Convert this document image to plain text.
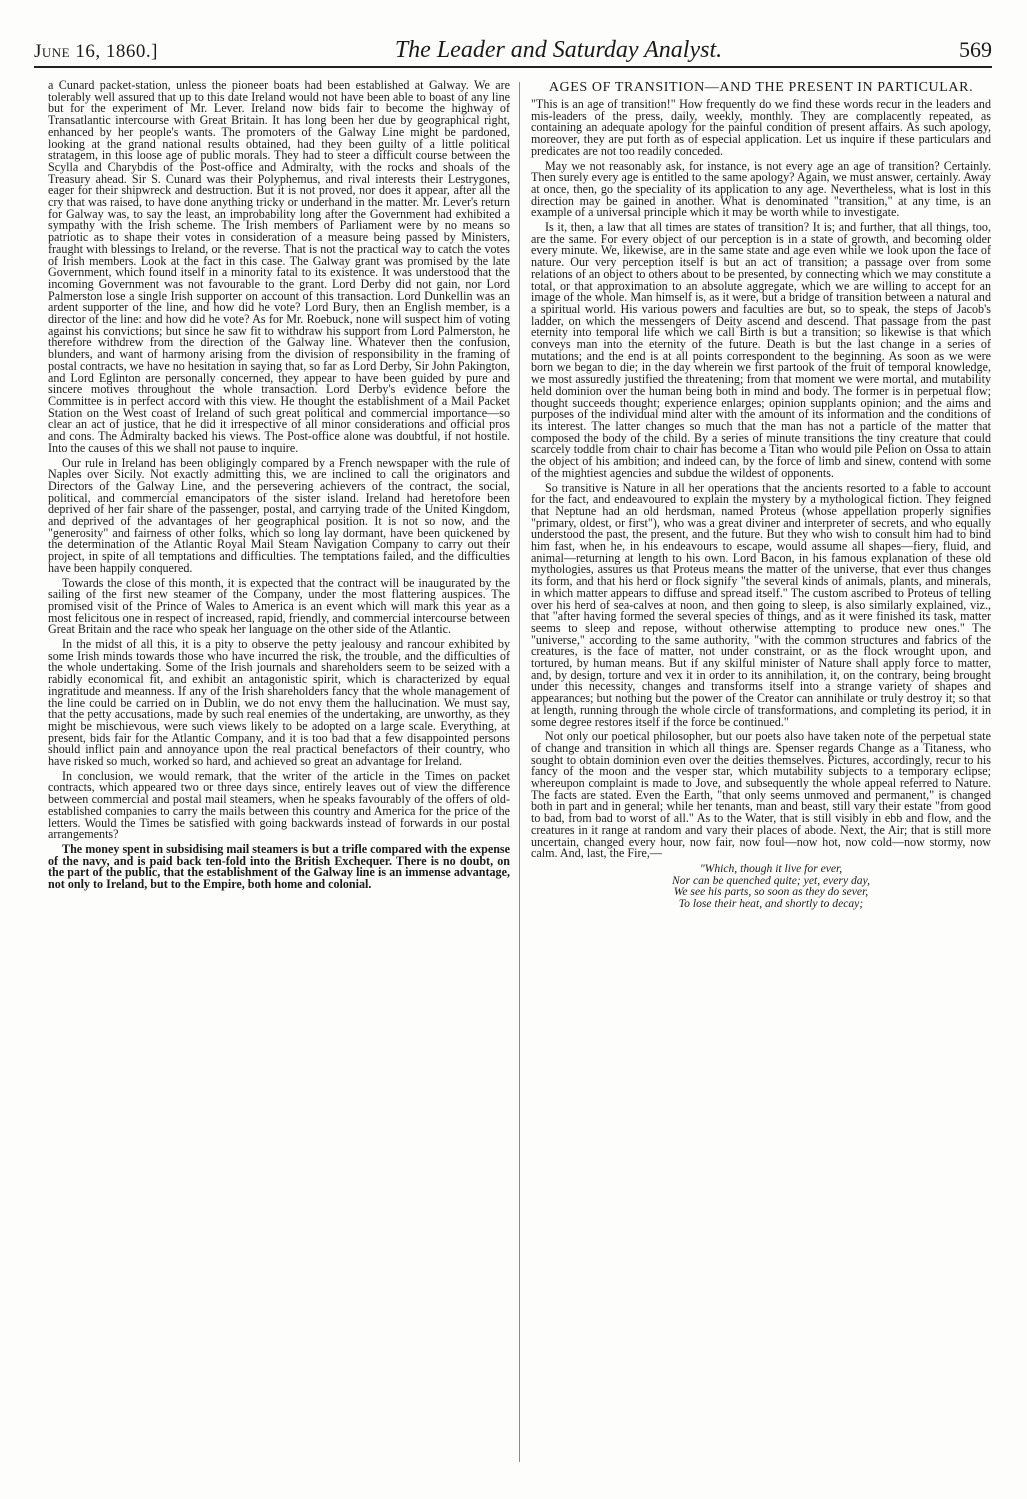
June 16, 1860.]	The Leader and Saturday Analyst.	569

a Cunard packet-station, unless the pioneer boats had been established at Galway. We are tolerably well assured that up to this date Ireland would not have been able to boast of any line but for the experiment of Mr. Lever. Ireland now bids fair to become the highway of Transatlantic intercourse with Great Britain. It has long been her due by geographical right, enhanced by her people's wants. The promoters of the Galway Line might be pardoned, looking at the grand national results obtained, had they been guilty of a little political stratagem, in this loose age of public morals. They had to steer a difficult course between the Scylla and Charybdis of the Post-office and Admiralty, with the rocks and shoals of the Treasury ahead. Sir S. Cunard was their Polyphemus, and rival interests their Lestrygones, eager for their shipwreck and destruction. But it is not proved, nor does it appear, after all the cry that was raised, to have done anything tricky or underhand in the matter. Mr. Lever's return for Galway was, to say the least, an improbability long after the Government had exhibited a sympathy with the Irish scheme. The Irish members of Parliament were by no means so patriotic as to shape their votes in consideration of a measure being passed by Ministers, fraught with blessings to Ireland, or the reverse. That is not the practical way to catch the votes of Irish members. Look at the fact in this case. The Galway grant was promised by the late Government, which found itself in a minority fatal to its existence. It was understood that the incoming Government was not favourable to the grant. Lord Derby did not gain, nor Lord Palmerston lose a single Irish supporter on account of this transaction. Lord Dunkellin was an ardent supporter of the line, and how did he vote? Lord Bury, then an English member, is a director of the line: and how did he vote? As for Mr. Roebuck, none will suspect him of voting against his convictions; but since he saw fit to withdraw his support from Lord Palmerston, he therefore withdrew from the direction of the Galway line. Whatever then the confusion, blunders, and want of harmony arising from the division of responsibility in the framing of postal contracts, we have no hesitation in saying that, so far as Lord Derby, Sir John Pakington, and Lord Eglinton are personally concerned, they appear to have been guided by pure and sincere motives throughout the whole transaction. Lord Derby's evidence before the Committee is in perfect accord with this view. He thought the establishment of a Mail Packet Station on the West coast of Ireland of such great political and commercial importance—so clear an act of justice, that he did it irrespective of all minor considerations and official pros and cons. The Admiralty backed his views. The Post-office alone was doubtful, if not hostile. Into the causes of this we shall not pause to inquire.

Our rule in Ireland has been obligingly compared by a French newspaper with the rule of Naples over Sicily. Not exactly admitting this, we are inclined to call the originators and Directors of the Galway Line, and the persevering achievers of the contract, the social, political, and commercial emancipators of the sister island. Ireland had heretofore been deprived of her fair share of the passenger, postal, and carrying trade of the United Kingdom, and deprived of the advantages of her geographical position. It is not so now, and the "generosity" and fairness of other folks, which so long lay dormant, have been quickened by the determination of the Atlantic Royal Mail Steam Navigation Company to carry out their project, in spite of all temptations and difficulties. The temptations failed, and the difficulties have been happily conquered.

Towards the close of this month, it is expected that the contract will be inaugurated by the sailing of the first new steamer of the Company, under the most flattering auspices. The promised visit of the Prince of Wales to America is an event which will mark this year as a most felicitous one in respect of increased, rapid, friendly, and commercial intercourse between Great Britain and the race who speak her language on the other side of the Atlantic.

In the midst of all this, it is a pity to observe the petty jealousy and rancour exhibited by some Irish minds towards those who have incurred the risk, the trouble, and the difficulties of the whole undertaking. Some of the Irish journals and shareholders seem to be seized with a rabidly economical fit, and exhibit an antagonistic spirit, which is characterized by equal ingratitude and meanness. If any of the Irish shareholders fancy that the whole management of the line could be carried on in Dublin, we do not envy them the hallucination. We must say, that the petty accusations, made by such real enemies of the undertaking, are unworthy, as they might be mischievous, were such views likely to be adopted on a large scale. Everything, at present, bids fair for the Atlantic Company, and it is too bad that a few disappointed persons should inflict pain and annoyance upon the real practical benefactors of their country, who have risked so much, worked so hard, and achieved so great an advantage for Ireland.

In conclusion, we would remark, that the writer of the article in the Times on packet contracts, which appeared two or three days since, entirely leaves out of view the difference between commercial and postal mail steamers, when he speaks favourably of the offers of old-established companies to carry the mails between this country and America for the price of the letters. Would the Times be satisfied with going backwards instead of forwards in our postal arrangements?

The money spent in subsidising mail steamers is but a trifle compared with the expense of the navy, and is paid back ten-fold into the British Exchequer. There is no doubt, on the part of the public, that the establishment of the Galway line is an immense advantage, not only to Ireland, but to the Empire, both home and colonial.

AGES OF TRANSITION—AND THE PRESENT IN PARTICULAR.

"This is an age of transition!" How frequently do we find these words recur in the leaders and mis-leaders of the press, daily, weekly, monthly. They are complacently repeated, as containing an adequate apology for the painful condition of present affairs. As such apology, moreover, they are put forth as of especial application. Let us inquire if these particulars and predicates are not too readily conceded.

May we not reasonably ask, for instance, is not every age an age of transition? Certainly. Then surely every age is entitled to the same apology? Again, we must answer, certainly. Away at once, then, go the speciality of its application to any age. Nevertheless, what is lost in this direction may be gained in another. What is denominated "transition," at any time, is an example of a universal principle which it may be worth while to investigate.

Is it, then, a law that all times are states of transition? It is; and further, that all things, too, are the same. For every object of our perception is in a state of growth, and becoming older every minute. We, likewise, are in the same state and age even while we look upon the face of nature. Our very perception itself is but an act of transition; a passage over from some relations of an object to others about to be presented, by connecting which we may constitute a total, or that approximation to an absolute aggregate, which we are willing to accept for an image of the whole. Man himself is, as it were, but a bridge of transition between a natural and a spiritual world. His various powers and faculties are but, so to speak, the steps of Jacob's ladder, on which the messengers of Deity ascend and descend. That passage from the past eternity into temporal life which we call Birth is but a transition; so likewise is that which conveys man into the eternity of the future. Death is but the last change in a series of mutations; and the end is at all points correspondent to the beginning. As soon as we were born we began to die; in the day wherein we first partook of the fruit of temporal knowledge, we most assuredly justified the threatening; from that moment we were mortal, and mutability held dominion over the human being both in mind and body. The former is in perpetual flow; thought succeeds thought; experience enlarges; opinion supplants opinion; and the aims and purposes of the individual mind alter with the amount of its information and the conditions of its interest. The latter changes so much that the man has not a particle of the matter that composed the body of the child. By a series of minute transitions the tiny creature that could scarcely toddle from chair to chair has become a Titan who would pile Pelion on Ossa to attain the object of his ambition; and indeed can, by the force of limb and sinew, contend with some of the mightiest agencies and subdue the wildest of opponents.

So transitive is Nature in all her operations that the ancients resorted to a fable to account for the fact, and endeavoured to explain the mystery by a mythological fiction. They feigned that Neptune had an old herdsman, named Proteus (whose appellation properly signifies "primary, oldest, or first"), who was a great diviner and interpreter of secrets, and who equally understood the past, the present, and the future. But they who wish to consult him had to bind him fast, when he, in his endeavours to escape, would assume all shapes—fiery, fluid, and animal—returning at length to his own. Lord Bacon, in his famous explanation of these old mythologies, assures us that Proteus means the matter of the universe, that ever thus changes its form, and that his herd or flock signify "the several kinds of animals, plants, and minerals, in which matter appears to diffuse and spread itself." The custom ascribed to Proteus of telling over his herd of sea-calves at noon, and then going to sleep, is also similarly explained, viz., that "after having formed the several species of things, and as it were finished its task, matter seems to sleep and repose, without otherwise attempting to produce new ones." The "universe," according to the same authority, "with the common structures and fabrics of the creatures, is the face of matter, not under constraint, or as the flock wrought upon, and tortured, by human means. But if any skilful minister of Nature shall apply force to matter, and, by design, torture and vex it in order to its annihilation, it, on the contrary, being brought under this necessity, changes and transforms itself into a strange variety of shapes and appearances; but nothing but the power of the Creator can annihilate or truly destroy it; so that at length, running through the whole circle of transformations, and completing its period, it in some degree restores itself if the force be continued."

Not only our poetical philosopher, but our poets also have taken note of the perpetual state of change and transition in which all things are. Spenser regards Change as a Titaness, who sought to obtain dominion even over the deities themselves. Pictures, accordingly, recur to his fancy of the moon and the vesper star, which mutability subjects to a temporary eclipse; whereupon complaint is made to Jove, and subsequently the whole appeal referred to Nature. The facts are stated. Even the Earth, "that only seems unmoved and permanent," is changed both in part and in general; while her tenants, man and beast, still vary their estate "from good to bad, from bad to worst of all." As to the Water, that is still visibly in ebb and flow, and the creatures in it range at random and vary their places of abode. Next, the Air; that is still more uncertain, changed every hour, now fair, now foul—now hot, now cold—now stormy, now calm. And, last, the Fire,—

"Which, though it live for ever,
Nor can be quenched quite; yet, every day,
We see his parts, so soon as they do sever,
To lose their heat, and shortly to decay;
